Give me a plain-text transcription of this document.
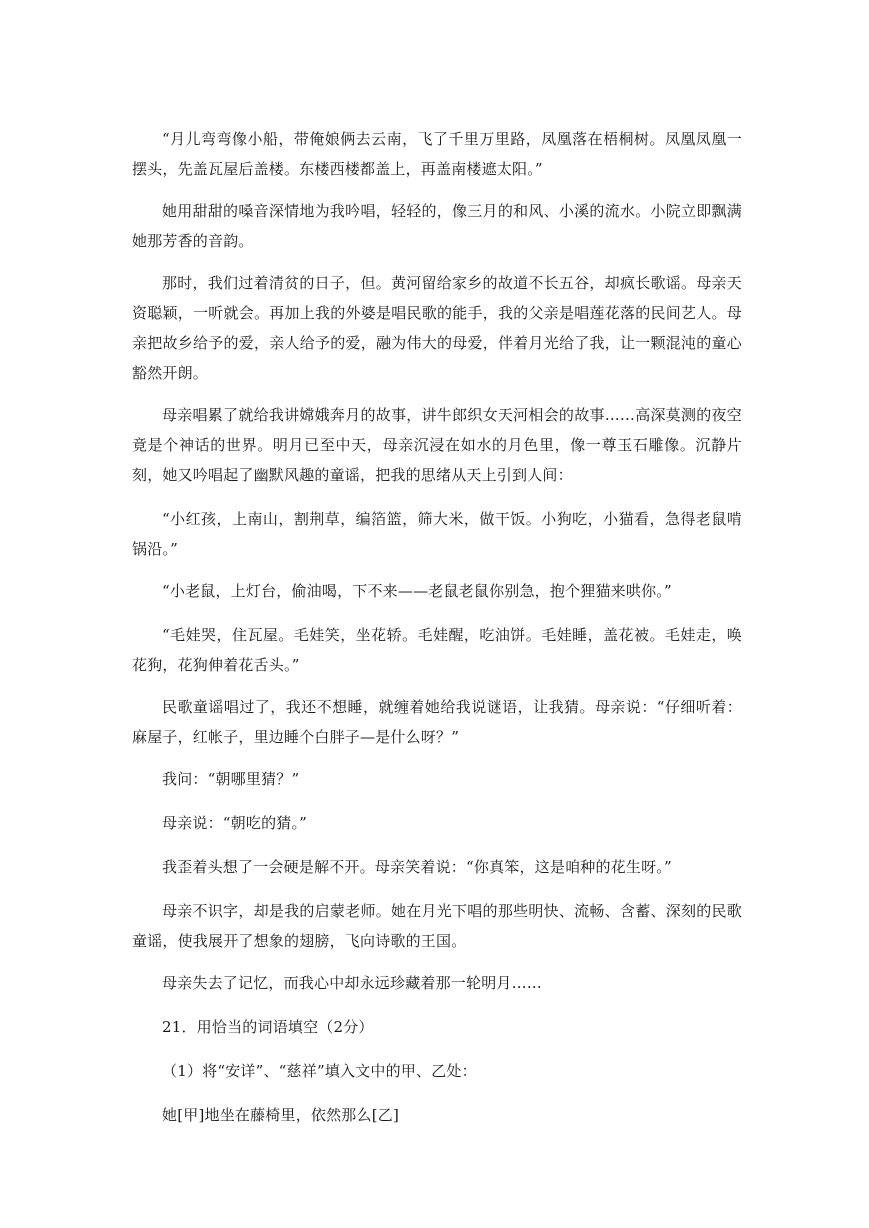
“月儿弯弯像小船，带俺娘俩去云南，飞了千里万里路，凤凰落在梧桐树。凤凰凤凰一摆头，先盖瓦屋后盖楼。东楼西楼都盖上，再盖南楼遮太阳。”

她用甜甜的嗓音深情地为我吟唱，轻轻的，像三月的和风、小溪的流水。小院立即飘满她那芳香的音韵。

那时，我们过着清贫的日子，但。黄河留给家乡的故道不长五谷，却疯长歌谣。母亲天资聪颖，一听就会。再加上我的外婆是唱民歌的能手，我的父亲是唱莲花落的民间艺人。母亲把故乡给予的爱，亲人给予的爱，融为伟大的母爱，伴着月光给了我，让一颗混沌的童心豁然开朗。

母亲唱累了就给我讲嫦娥奔月的故事，讲牛郎织女天河相会的故事……高深莫测的夜空竟是个神话的世界。明月已至中天，母亲沉浸在如水的月色里，像一尊玉石雕像。沉静片刻，她又吟唱起了幽默风趣的童谣，把我的思绪从天上引到人间：

“小红孩，上南山，割荆草，编箔篮，筛大米，做干饭。小狗吃，小猫看，急得老鼠啃锅沿。”

“小老鼠，上灯台，偷油喝，下不来——老鼠老鼠你别急，抱个狸猫来哄你。”

“毛娃哭，住瓦屋。毛娃笑，坐花轿。毛娃醒，吃油饼。毛娃睡，盖花被。毛娃走，唤花狗，花狗伸着花舌头。”

民歌童谣唱过了，我还不想睡，就缠着她给我说谜语，让我猜。母亲说：“仔细听着：麻屋子，红帐子，里边睡个白胖子—是什么呀？”

我问：“朝哪里猜？”

母亲说：“朝吃的猜。”

我歪着头想了一会硬是解不开。母亲笑着说：“你真笨，这是咱种的花生呀。”

母亲不识字，却是我的启蒙老师。她在月光下唱的那些明快、流畅、含蓄、深刻的民歌童谣，使我展开了想象的翅膀，飞向诗歌的王国。

母亲失去了记忆，而我心中却永远珍藏着那一轮明月……

21．用恰当的词语填空（2分）

（1）将“安详”、“慈祥”填入文中的甲、乙处：

她[甲]地坐在藤椅里，依然那么[乙]
